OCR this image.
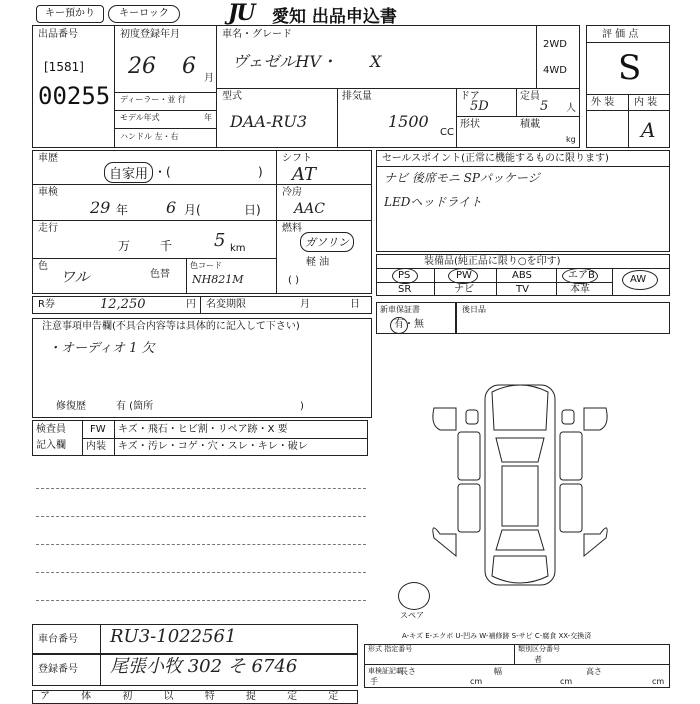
キー預かり	キーロック	JU 愛知 出品申込書
出品番号
[1581]
00255
初度登録年月
26 6 月
ディーラー・並 行
モデル年式	年
ハンドル 左・右
車名・グレード
ヴェゼルHV・ X
2WD
4WD
型式
DAA-RU3
排気量
1500
CC
ドア
5D
定員
5 人
形状	積載
kg
評 価 点
S
外 装 内 装
A
車歴
自家用 ・(	)
車検
29 年 6 月(	日)
走行
万 千 5 km
色
ワル	色替
色コード
NH821M
シフト
AT
冷房
AAC
燃料
ガソリン
軽 油
( )
セールスポイント(正常に機能するものに限ります)
ナビ 後席モニ SPパッケージ
LEDヘッドライト
装備品(純正品に限り○を印す)
PS	PW	ABS	エアB	AW
SR	ナビ	TV	本革
R券	12,250	円 名変期限	月	日	新車保証書
有・無
後日品
注意事項申告欄(不具合内容等は具体的に記入して下さい)
・オーディオ 1 欠
修復歴	有 (箇所	)
検査員
記入欄
FW キズ・飛石・ヒビ割・リペア跡・X 要
内装 キズ・汚レ・コゲ・穴・スレ・キレ・破レ
スペア
A-キズ E-エクボ U-凹み W-補修跡 S-サビ C-腐食 XX-交換済
車台番号 RU3-1022561
登録番号 尾張小牧 302 そ 6746
形式 指定番号	類別区分番号
車検証記載
長さ	幅	高さ
者
手	cm	cm	cm
ア 体 初 以 特 提 定 定
